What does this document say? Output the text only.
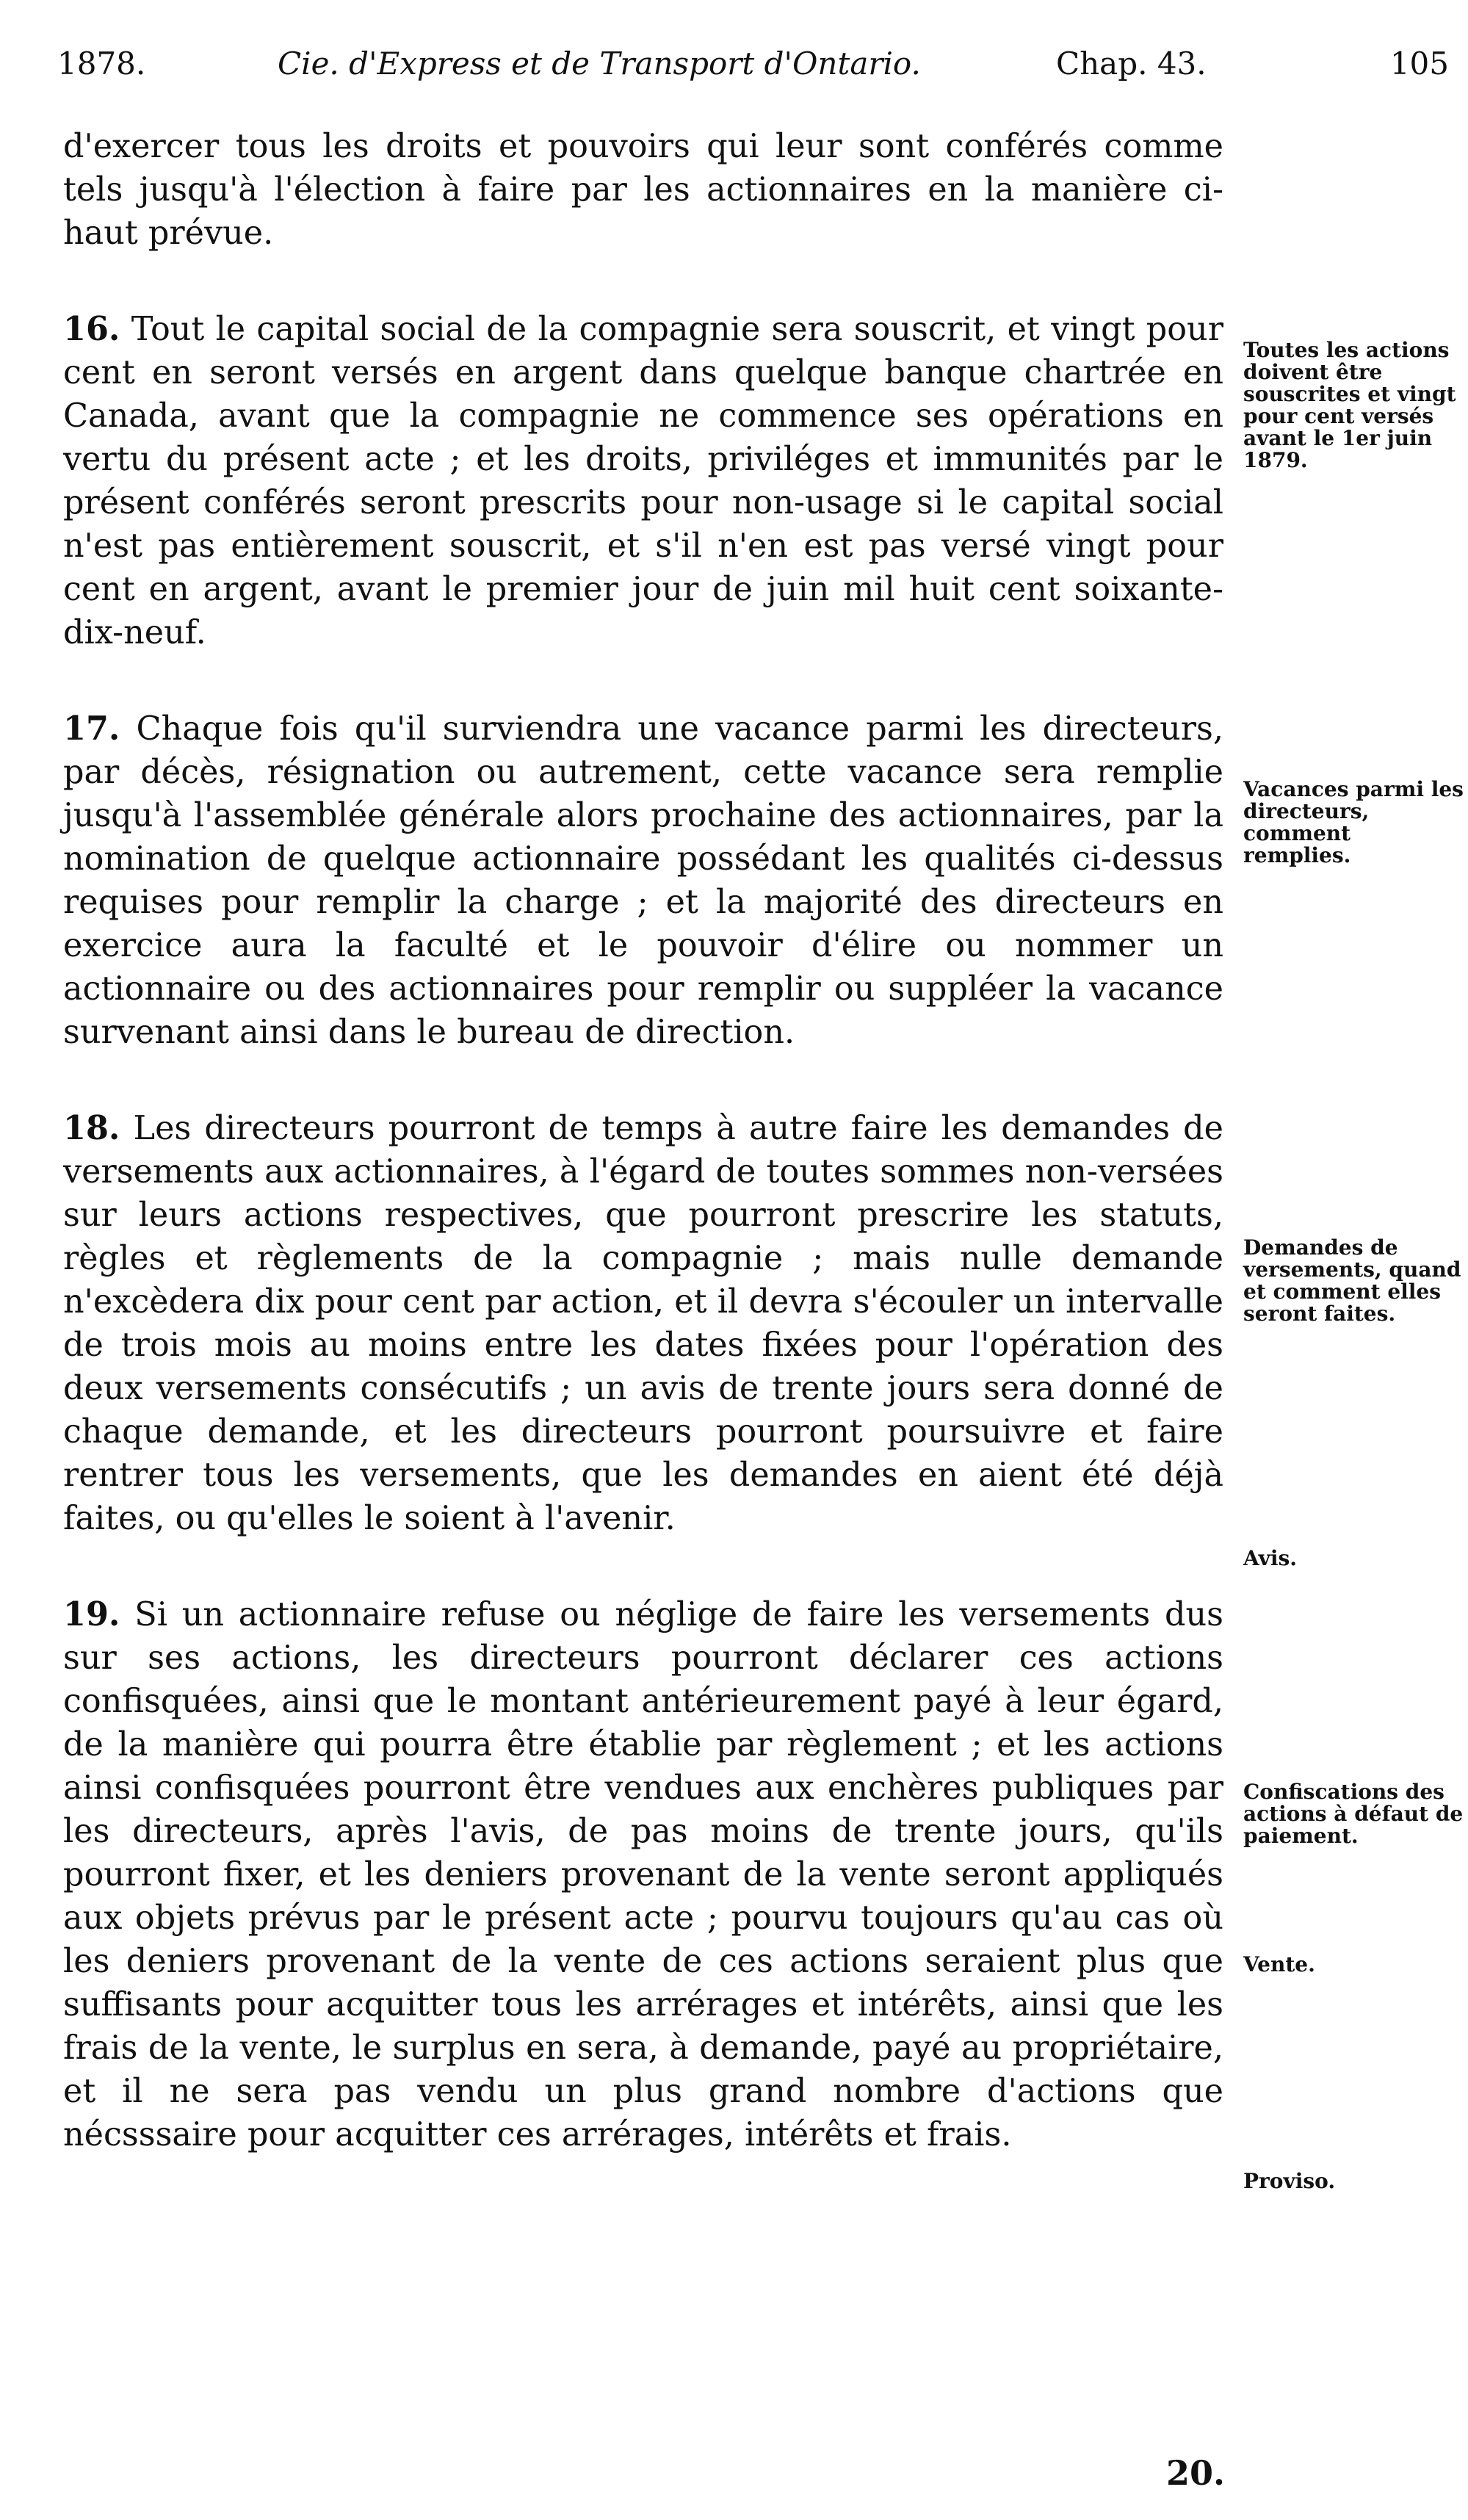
1878.	Cie. d'Express et de Transport d'Ontario.	Chap. 43.	105

d'exercer tous les droits et pouvoirs qui leur sont conférés comme tels jusqu'à l'élection à faire par les actionnaires en la manière ci-haut prévue.

16. Tout le capital social de la compagnie sera souscrit, et vingt pour cent en seront versés en argent dans quelque banque chartrée en Canada, avant que la compagnie ne commence ses opérations en vertu du présent acte ; et les droits, priviléges et immunités par le présent conférés seront prescrits pour non-usage si le capital social n'est pas entièrement souscrit, et s'il n'en est pas versé vingt pour cent en argent, avant le premier jour de juin mil huit cent soixante-dix-neuf.

17. Chaque fois qu'il surviendra une vacance parmi les directeurs, par décès, résignation ou autrement, cette vacance sera remplie jusqu'à l'assemblée générale alors prochaine des actionnaires, par la nomination de quelque actionnaire possédant les qualités ci-dessus requises pour remplir la charge ; et la majorité des directeurs en exercice aura la faculté et le pouvoir d'élire ou nommer un actionnaire ou des actionnaires pour remplir ou suppléer la vacance survenant ainsi dans le bureau de direction.

18. Les directeurs pourront de temps à autre faire les demandes de versements aux actionnaires, à l'égard de toutes sommes non-versées sur leurs actions respectives, que pourront prescrire les statuts, règles et règlements de la compagnie ; mais nulle demande n'excèdera dix pour cent par action, et il devra s'écouler un intervalle de trois mois au moins entre les dates fixées pour l'opération des deux versements consécutifs ; un avis de trente jours sera donné de chaque demande, et les directeurs pourront poursuivre et faire rentrer tous les versements, que les demandes en aient été déjà faites, ou qu'elles le soient à l'avenir.

19. Si un actionnaire refuse ou néglige de faire les versements dus sur ses actions, les directeurs pourront déclarer ces actions confisquées, ainsi que le montant antérieurement payé à leur égard, de la manière qui pourra être établie par règlement ; et les actions ainsi confisquées pourront être vendues aux enchères publiques par les directeurs, après l'avis, de pas moins de trente jours, qu'ils pourront fixer, et les deniers provenant de la vente seront appliqués aux objets prévus par le présent acte ; pourvu toujours qu'au cas où les deniers provenant de la vente de ces actions seraient plus que suffisants pour acquitter tous les arrérages et intérêts, ainsi que les frais de la vente, le surplus en sera, à demande, payé au propriétaire, et il ne sera pas vendu un plus grand nombre d'actions que nécsssaire pour acquitter ces arrérages, intérêts et frais.

Toutes les actions doivent être souscrites et vingt pour cent versés avant le 1er juin 1879.
Vacances parmi les directeurs, comment remplies.
Demandes de versements, quand et comment elles seront faites.
Avis.
Confiscations des actions à défaut de paiement.
Vente.
Proviso.
20.
